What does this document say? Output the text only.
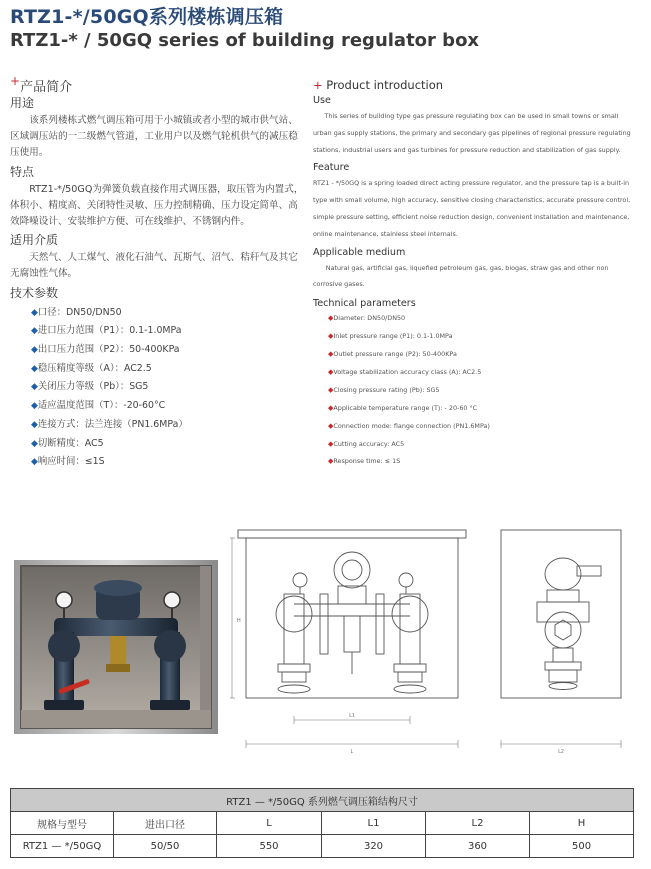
RTZ1-*/50GQ系列楼栋调压箱
RTZ1-* / 50GQ series of building regulator box
+产品简介
用途

该系列楼栋式燃气调压箱可用于小城镇或者小型的城市供气站、区域调压站的一二级燃气管道，工业用户以及燃气轮机供气的减压稳压使用。

特点

RTZ1-*/50GQ为弹簧负载直接作用式调压器，取压管为内置式，体积小、精度高、关闭特性灵敏、压力控制精确、压力设定简单、高效降噪设计、安装维护方便、可在线维护、不锈钢内件。

适用介质

天然气、人工煤气、液化石油气、瓦斯气、沼气、秸秆气及其它无腐蚀性气体。

技术参数
◆口径：DN50/DN50
◆进口压力范围（P1）：0.1-1.0MPa
◆出口压力范围（P2）：50-400KPa
◆稳压精度等级（A）：AC2.5
◆关闭压力等级（Pb）：SG5
◆适应温度范围（T）：-20-60°C
◆连接方式：法兰连接（PN1.6MPa）
◆切断精度：AC5
◆响应时间：≤1S
+ Product introduction
Use

This series of building type gas pressure regulating box can be used in small towns or small urban gas supply stations, the primary and secondary gas pipelines of regional pressure regulating stations, industrial users and gas turbines for pressure reduction and stabilization of gas supply.

Feature

RTZ1 - */50GQ is a spring loaded direct acting pressure regulator, and the pressure tap is a built-in type with small volume, high accuracy, sensitive closing characteristics, accurate pressure control, simple pressure setting, efficient noise reduction design, convenient installation and maintenance, online maintenance, stainless steel internals.

Applicable medium

Natural gas, artificial gas, liquefied petroleum gas, gas, biogas, straw gas and other non corrosive gases.

Technical parameters
◆Diameter: DN50/DN50
◆Inlet pressure range (P1): 0.1-1.0MPa
◆Outlet pressure range (P2): 50-400KPa
◆Voltage stabilization accuracy class (A): AC2.5
◆Closing pressure rating (Pb): SG5
◆Applicable temperature range (T): - 20-60 °C
◆Connection mode: flange connection (PN1.6MPa)
◆Cutting accuracy: AC5
◆Response time: ≤ 1S
H
L1
L	L2
RTZ1 — */50GQ 系列燃气调压箱结构尺寸					
规格与型号	进出口径	L	L1	L2	H
RTZ1 — */50GQ	50/50	550	320	360	500
